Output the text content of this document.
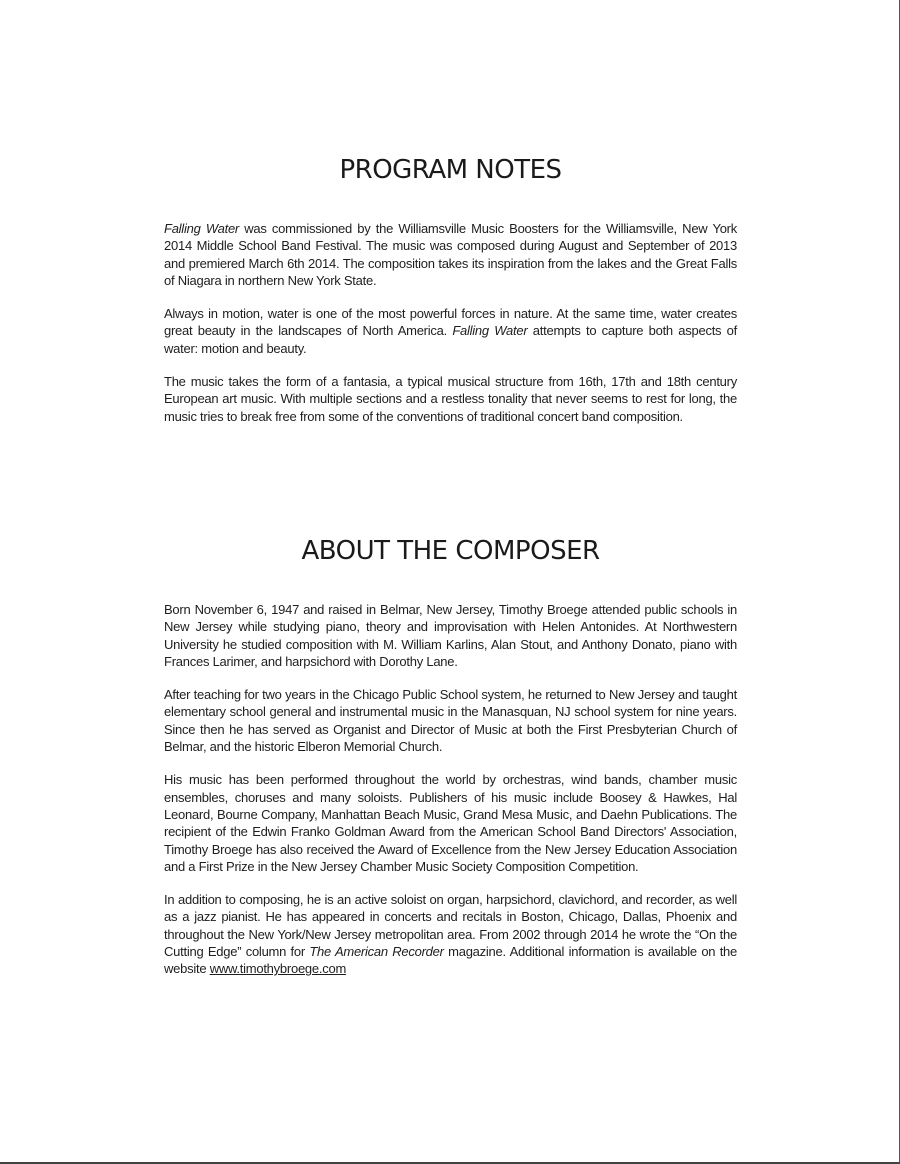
PROGRAM NOTES

Falling Water was commissioned by the Williamsville Music Boosters for the Williamsville, New York 2014 Middle School Band Festival. The music was composed during August and September of 2013 and premiered March 6th 2014. The composition takes its inspiration from the lakes and the Great Falls of Niagara in northern New York State.

Always in motion, water is one of the most powerful forces in nature. At the same time, water creates great beauty in the landscapes of North America. Falling Water attempts to capture both aspects of water: motion and beauty.

The music takes the form of a fantasia, a typical musical structure from 16th, 17th and 18th century European art music. With multiple sections and a restless tonality that never seems to rest for long, the music tries to break free from some of the conventions of traditional concert band composition.

ABOUT THE COMPOSER

Born November 6, 1947 and raised in Belmar, New Jersey, Timothy Broege attended public schools in New Jersey while studying piano, theory and improvisation with Helen Antonides. At Northwestern University he studied composition with M. William Karlins, Alan Stout, and Anthony Donato, piano with Frances Larimer, and harpsichord with Dorothy Lane.

After teaching for two years in the Chicago Public School system, he returned to New Jersey and taught elementary school general and instrumental music in the Manasquan, NJ school system for nine years. Since then he has served as Organist and Director of Music at both the First Presbyterian Church of Belmar, and the historic Elberon Memorial Church.

His music has been performed throughout the world by orchestras, wind bands, chamber music ensembles, choruses and many soloists. Publishers of his music include Boosey & Hawkes, Hal Leonard, Bourne Company, Manhattan Beach Music, Grand Mesa Music, and Daehn Publications. The recipient of the Edwin Franko Goldman Award from the American School Band Directors' Association, Timothy Broege has also received the Award of Excellence from the New Jersey Education Association and a First Prize in the New Jersey Chamber Music Society Composition Competition.

In addition to composing, he is an active soloist on organ, harpsichord, clavichord, and recorder, as well as a jazz pianist. He has appeared in concerts and recitals in Boston, Chicago, Dallas, Phoenix and throughout the New York/New Jersey metropolitan area. From 2002 through 2014 he wrote the “On the Cutting Edge” column for The American Recorder magazine. Additional information is available on the website www.timothybroege.com
